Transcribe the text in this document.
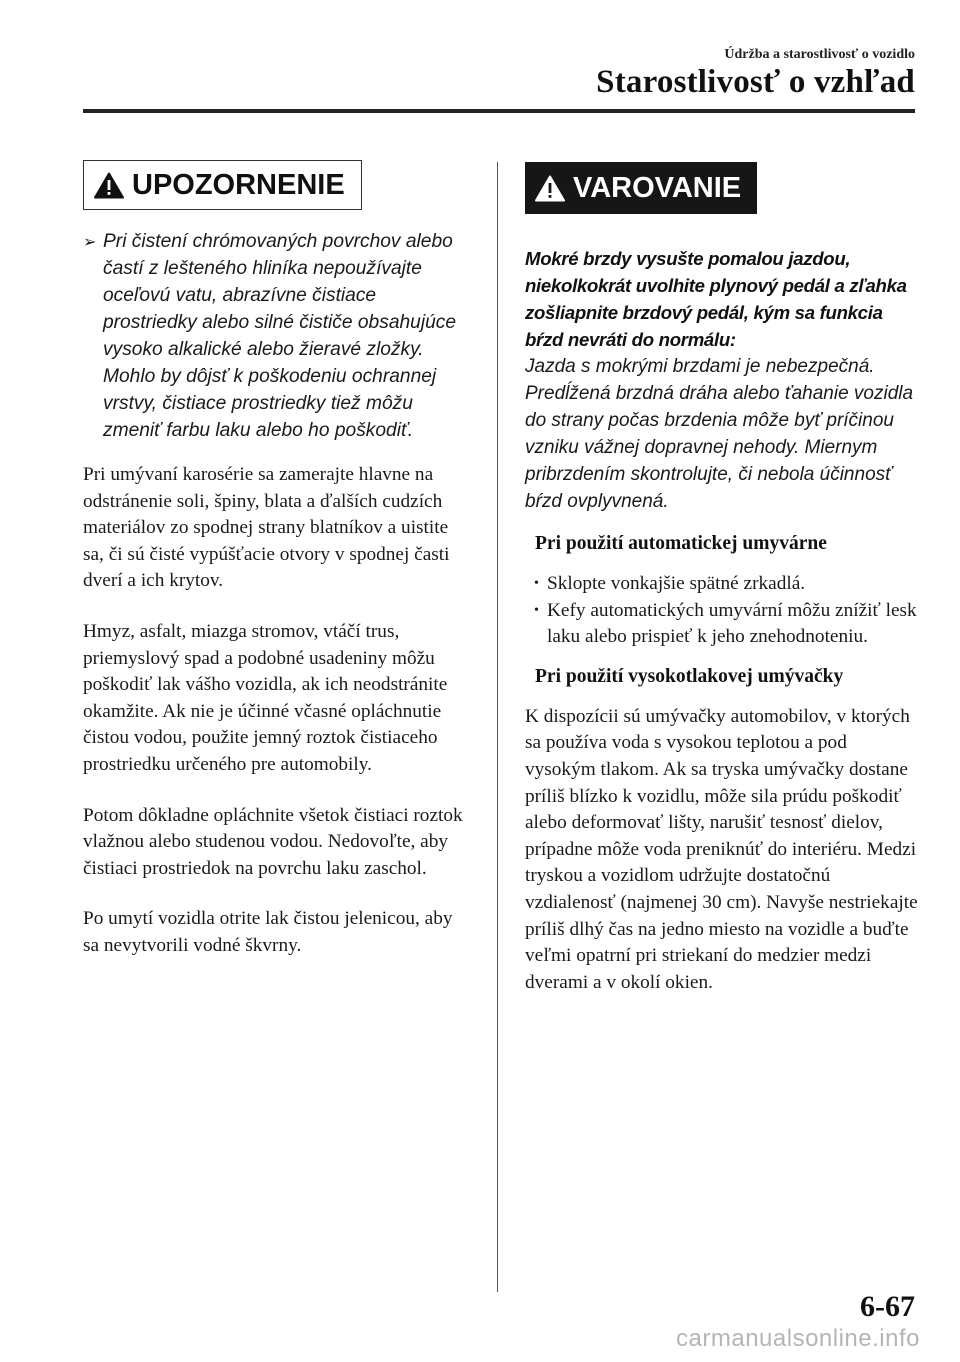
Údržba a starostlivosť o vozidlo
Starostlivosť o vzhľad
UPOZORNENIE
➢ Pri čistení chrómovaných povrchov alebo častí z lešteného hliníka nepoužívajte oceľovú vatu, abrazívne čistiace prostriedky alebo silné čističe obsahujúce vysoko alkalické alebo žieravé zložky. Mohlo by dôjsť k poškodeniu ochrannej vrstvy, čistiace prostriedky tiež môžu zmeniť farbu laku alebo ho poškodiť.
Pri umývaní karosérie sa zamerajte hlavne na odstránenie soli, špiny, blata a ďalších cudzích materiálov zo spodnej strany blatníkov a uistite sa, či sú čisté vypúšťacie otvory v spodnej časti dverí a ich krytov.
Hmyz, asfalt, miazga stromov, vtáčí trus, priemyslový spad a podobné usadeniny môžu poškodiť lak vášho vozidla, ak ich neodstránite okamžite. Ak nie je účinné včasné opláchnutie čistou vodou, použite jemný roztok čistiaceho prostriedku určeného pre automobily.
Potom dôkladne opláchnite všetok čistiaci roztok vlažnou alebo studenou vodou. Nedovoľte, aby čistiaci prostriedok na povrchu laku zaschol.
Po umytí vozidla otrite lak čistou jelenicou, aby sa nevytvorili vodné škvrny.
VAROVANIE
Mokré brzdy vysušte pomalou jazdou, niekolkokrát uvolhite plynový pedál a zľahka zošliapnite brzdový pedál, kým sa funkcia bŕzd nevráti do normálu:
Jazda s mokrými brzdami je nebezpečná. Predĺžená brzdná dráha alebo ťahanie vozidla do strany počas brzdenia môže byť príčinou vzniku vážnej dopravnej nehody. Miernym pribrzdením skontrolujte, či nebola účinnosť bŕzd ovplyvnená.
Pri použití automatickej umyvárne
• Sklopte vonkajšie spätné zrkadlá.
• Kefy automatických umyvární môžu znížiť lesk laku alebo prispieť k jeho znehodnoteniu.
Pri použití vysokotlakovej umývačky
K dispozícii sú umývačky automobilov, v ktorých sa používa voda s vysokou teplotou a pod vysokým tlakom. Ak sa tryska umývačky dostane príliš blízko k vozidlu, môže sila prúdu poškodiť alebo deformovať lišty, narušiť tesnosť dielov, prípadne môže voda preniknúť do interiéru. Medzi tryskou a vozidlom udržujte dostatočnú vzdialenosť (najmenej 30 cm). Navyše nestriekajte príliš dlhý čas na jedno miesto na vozidle a buďte veľmi opatrní pri striekaní do medzier medzi dverami a v okolí okien.
6-67
carmanualsonline.info
